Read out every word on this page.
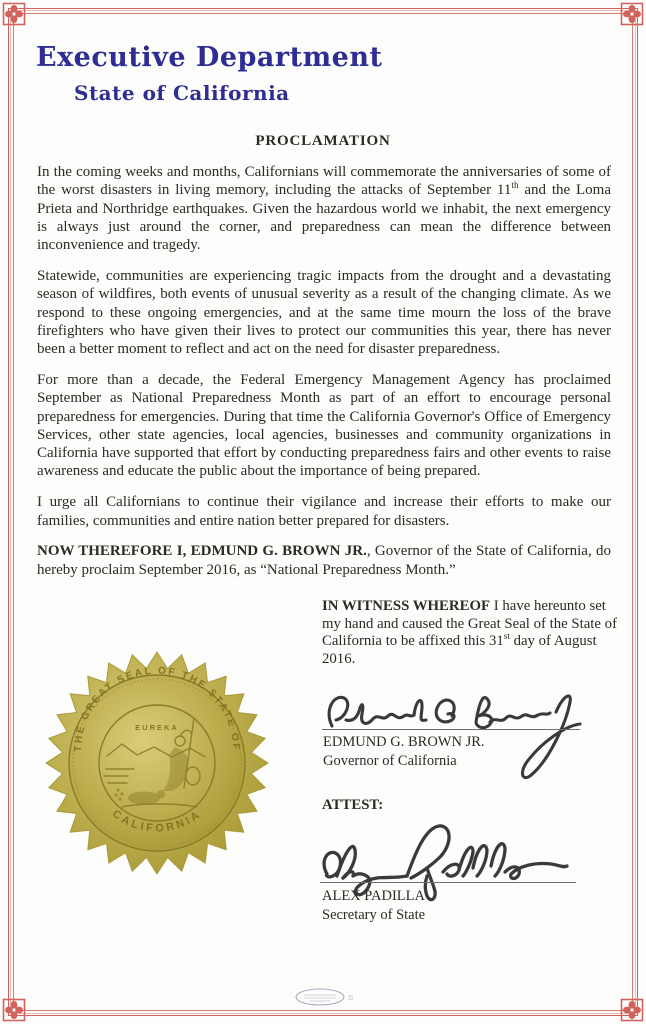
Executive Department
State of California
PROCLAMATION

In the coming weeks and months, Californians will commemorate the anniversaries of some of the worst disasters in living memory, including the attacks of September 11th and the Loma Prieta and Northridge earthquakes. Given the hazardous world we inhabit, the next emergency is always just around the corner, and preparedness can mean the difference between inconvenience and tragedy.

Statewide, communities are experiencing tragic impacts from the drought and a devastating season of wildfires, both events of unusual severity as a result of the changing climate. As we respond to these ongoing emergencies, and at the same time mourn the loss of the brave firefighters who have given their lives to protect our communities this year, there has never been a better moment to reflect and act on the need for disaster preparedness.

For more than a decade, the Federal Emergency Management Agency has proclaimed September as National Preparedness Month as part of an effort to encourage personal preparedness for emergencies. During that time the California Governor's Office of Emergency Services, other state agencies, local agencies, businesses and community organizations in California have supported that effort by conducting preparedness fairs and other events to raise awareness and educate the public about the importance of being prepared.

I urge all Californians to continue their vigilance and increase their efforts to make our families, communities and entire nation better prepared for disasters.

NOW THEREFORE I, EDMUND G. BROWN JR., Governor of the State of California, do hereby proclaim September 2016, as “National Preparedness Month.”

IN WITNESS WHEREOF I have hereunto set my hand and caused the Great Seal of the State of California to be affixed this 31st day of August 2016.
EDMUND G. BROWN JR.
Governor of California
ATTEST:
ALEX PADILLA
Secretary of State
THE GREAT SEAL OF THE STATE OF
CALIFORNIA
EUREKA
